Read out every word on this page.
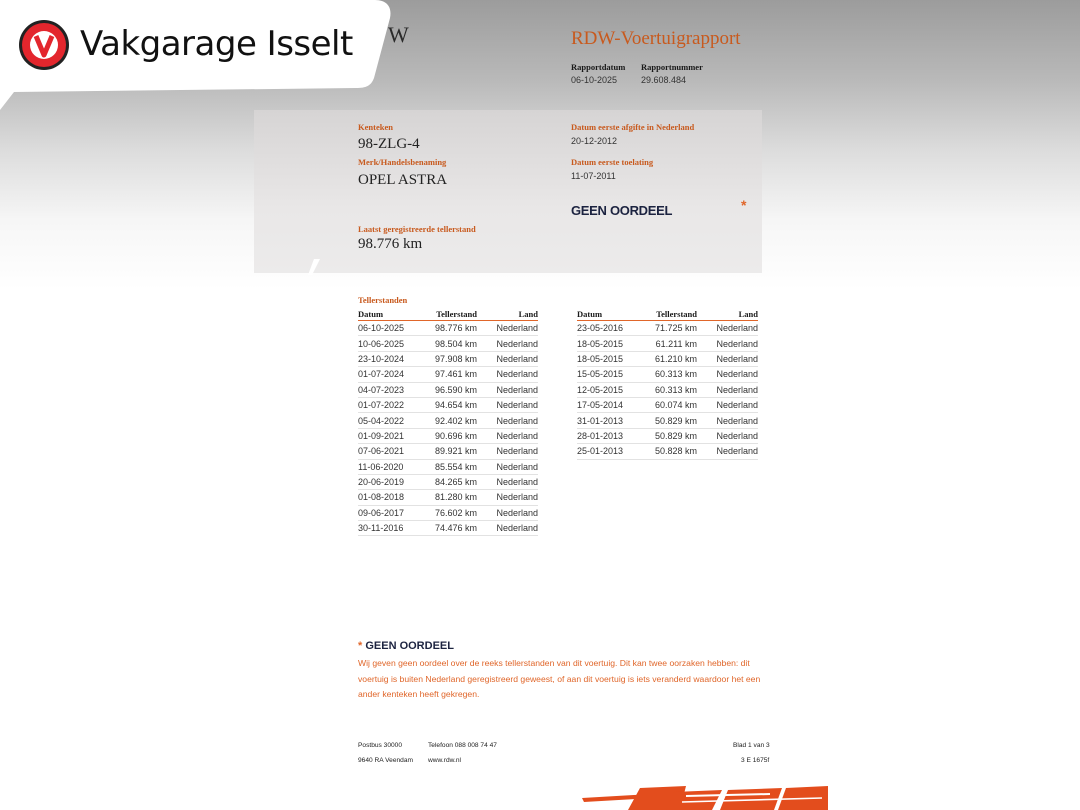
Vakgarage Isselt W	RDW-Voertuigrapport
Rapportdatum
06-10-2025
Rapportnummer
29.608.484
Kenteken
98-ZLG-4
Merk/Handelsbenaming
OPEL ASTRA
Datum eerste afgifte in Nederland
20-12-2012
Datum eerste toelating
11-07-2011
GEEN OORDEEL	*
Laatst geregistreerde tellerstand
98.776 km
Tellerstanden
Datum	Tellerstand	Land
06-10-2025	98.776 km	Nederland
10-06-2025	98.504 km	Nederland
23-10-2024	97.908 km	Nederland
01-07-2024	97.461 km	Nederland
04-07-2023	96.590 km	Nederland
01-07-2022	94.654 km	Nederland
05-04-2022	92.402 km	Nederland
01-09-2021	90.696 km	Nederland
07-06-2021	89.921 km	Nederland
11-06-2020	85.554 km	Nederland
20-06-2019	84.265 km	Nederland
01-08-2018	81.280 km	Nederland
09-06-2017	76.602 km	Nederland
30-11-2016	74.476 km	Nederland
Datum	Tellerstand	Land
23-05-2016	71.725 km	Nederland
18-05-2015	61.211 km	Nederland
18-05-2015	61.210 km	Nederland
15-05-2015	60.313 km	Nederland
12-05-2015	60.313 km	Nederland
17-05-2014	60.074 km	Nederland
31-01-2013	50.829 km	Nederland
28-01-2013	50.829 km	Nederland
25-01-2013	50.828 km	Nederland
* GEEN OORDEEL
Wij geven geen oordeel over de reeks tellerstanden van dit voertuig. Dit kan twee oorzaken hebben: dit voertuig is buiten Nederland geregistreerd geweest, of aan dit voertuig is iets veranderd waardoor het een ander kenteken heeft gekregen.
Postbus 30000	Telefoon 088 008 74 47	Blad 1 van 3
9640 RA Veendam www.rdw.nl	3 E 1675f
